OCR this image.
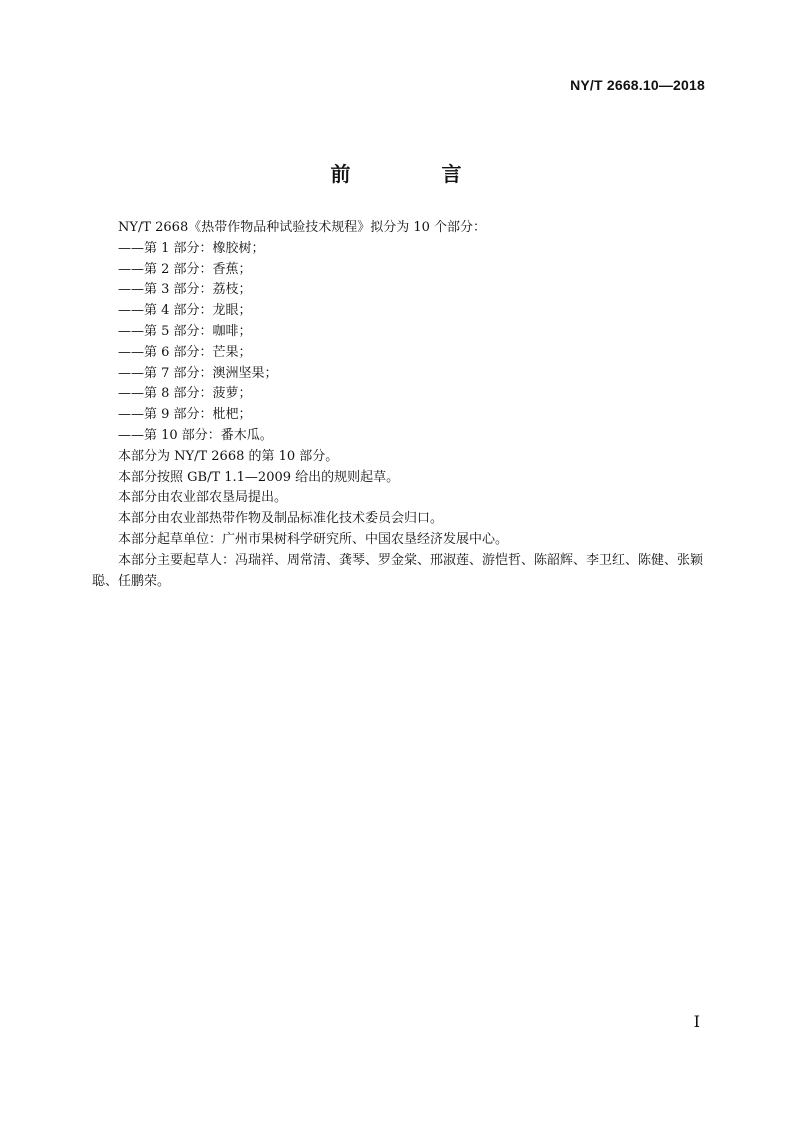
NY/T 2668.10—2018
前 言

NY/T 2668《热带作物品种试验技术规程》拟分为 10 个部分：

——第 1 部分：橡胶树；

——第 2 部分：香蕉；

——第 3 部分：荔枝；

——第 4 部分：龙眼；

——第 5 部分：咖啡；

——第 6 部分：芒果；

——第 7 部分：澳洲坚果；

——第 8 部分：菠萝；

——第 9 部分：枇杷；

——第 10 部分：番木瓜。

本部分为 NY/T 2668 的第 10 部分。

本部分按照 GB/T 1.1—2009 给出的规则起草。

本部分由农业部农垦局提出。

本部分由农业部热带作物及制品标准化技术委员会归口。

本部分起草单位：广州市果树科学研究所、中国农垦经济发展中心。

本部分主要起草人：冯瑞祥、周常清、龚琴、罗金棠、邢淑莲、游恺哲、陈韶辉、李卫红、陈健、张颖聪、任鹏荣。

I
